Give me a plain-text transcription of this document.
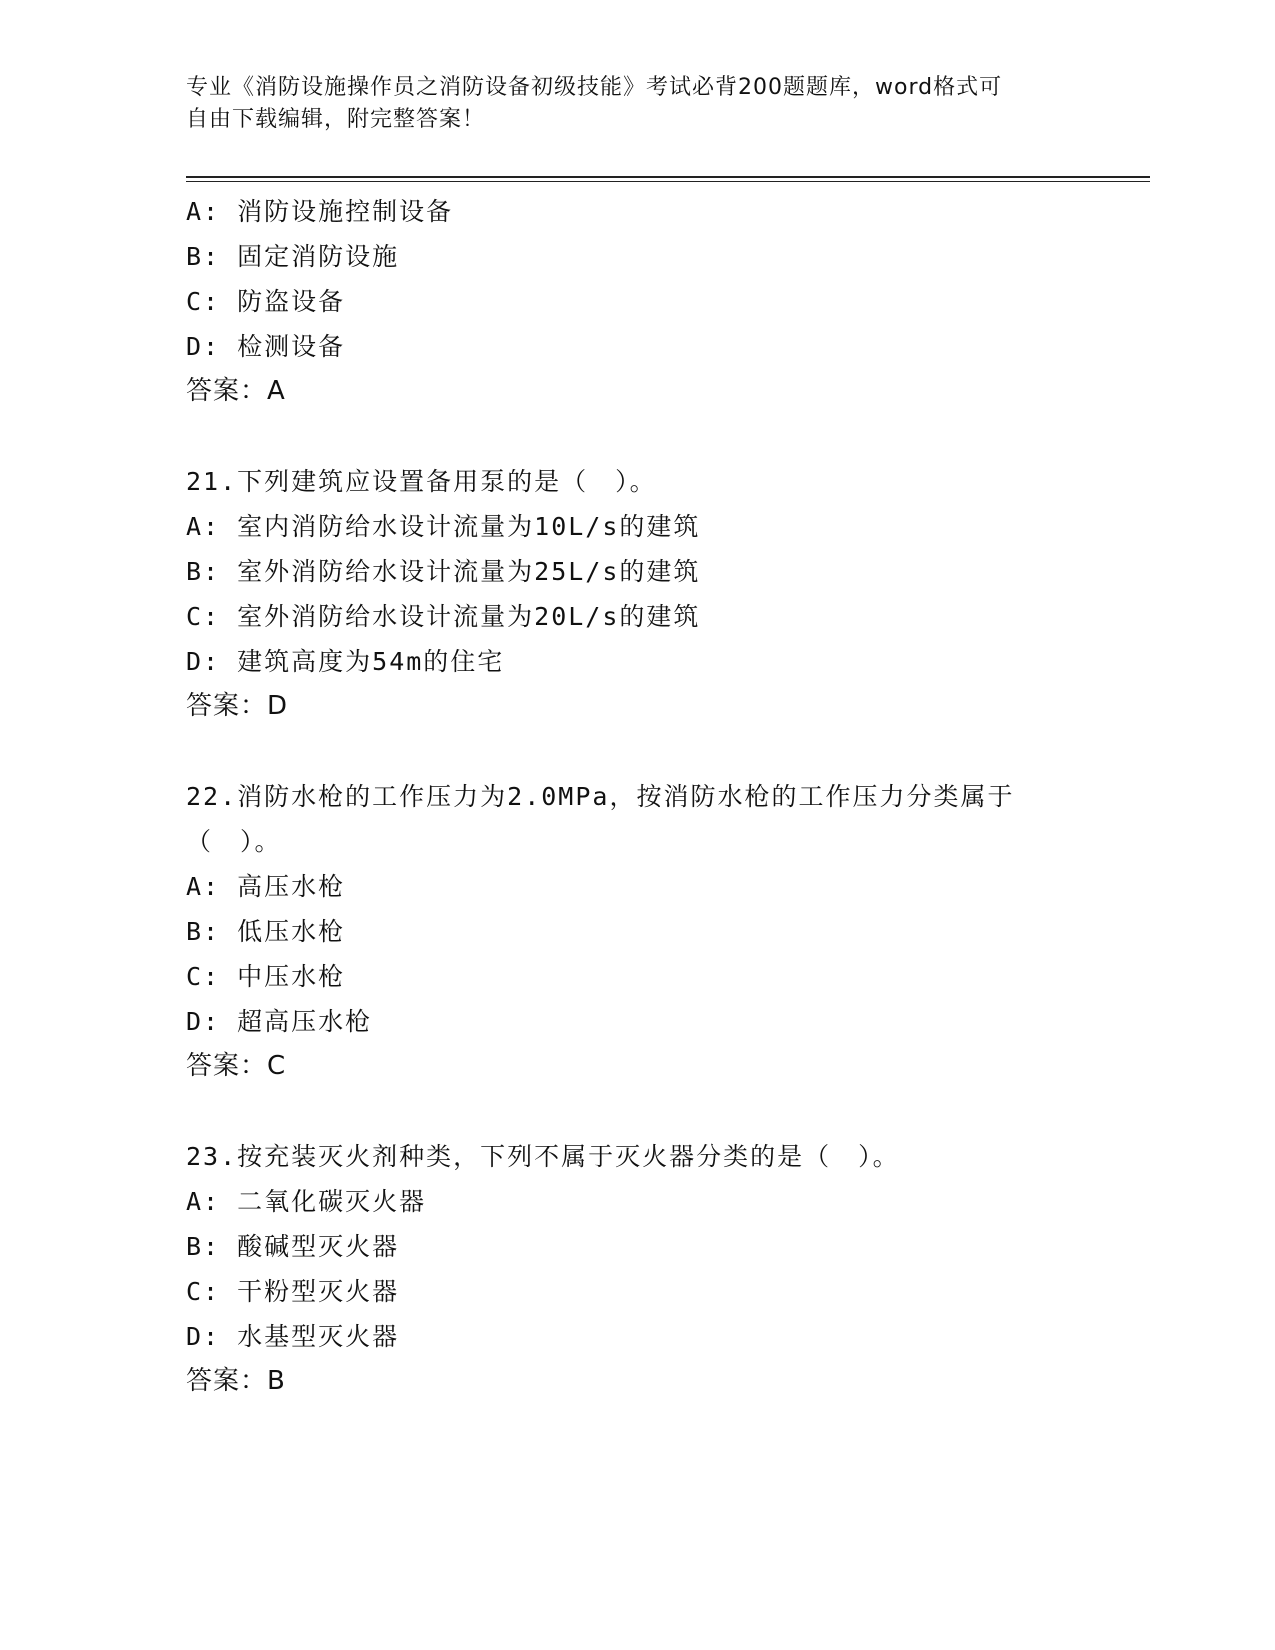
专业《消防设施操作员之消防设备初级技能》考试必背200题题库，word格式可
自由下载编辑，附完整答案！
A: 消防设施控制设备
B: 固定消防设施
C: 防盗设备
D: 检测设备
答案：A
21.下列建筑应设置备用泵的是（　）。
A: 室内消防给水设计流量为10L/s的建筑
B: 室外消防给水设计流量为25L/s的建筑
C: 室外消防给水设计流量为20L/s的建筑
D: 建筑高度为54m的住宅
答案：D
22.消防水枪的工作压力为2.0MPa，按消防水枪的工作压力分类属于（　）。
A: 高压水枪
B: 低压水枪
C: 中压水枪
D: 超高压水枪
答案：C
23.按充装灭火剂种类，下列不属于灭火器分类的是（　）。
A: 二氧化碳灭火器
B: 酸碱型灭火器
C: 干粉型灭火器
D: 水基型灭火器
答案：B
